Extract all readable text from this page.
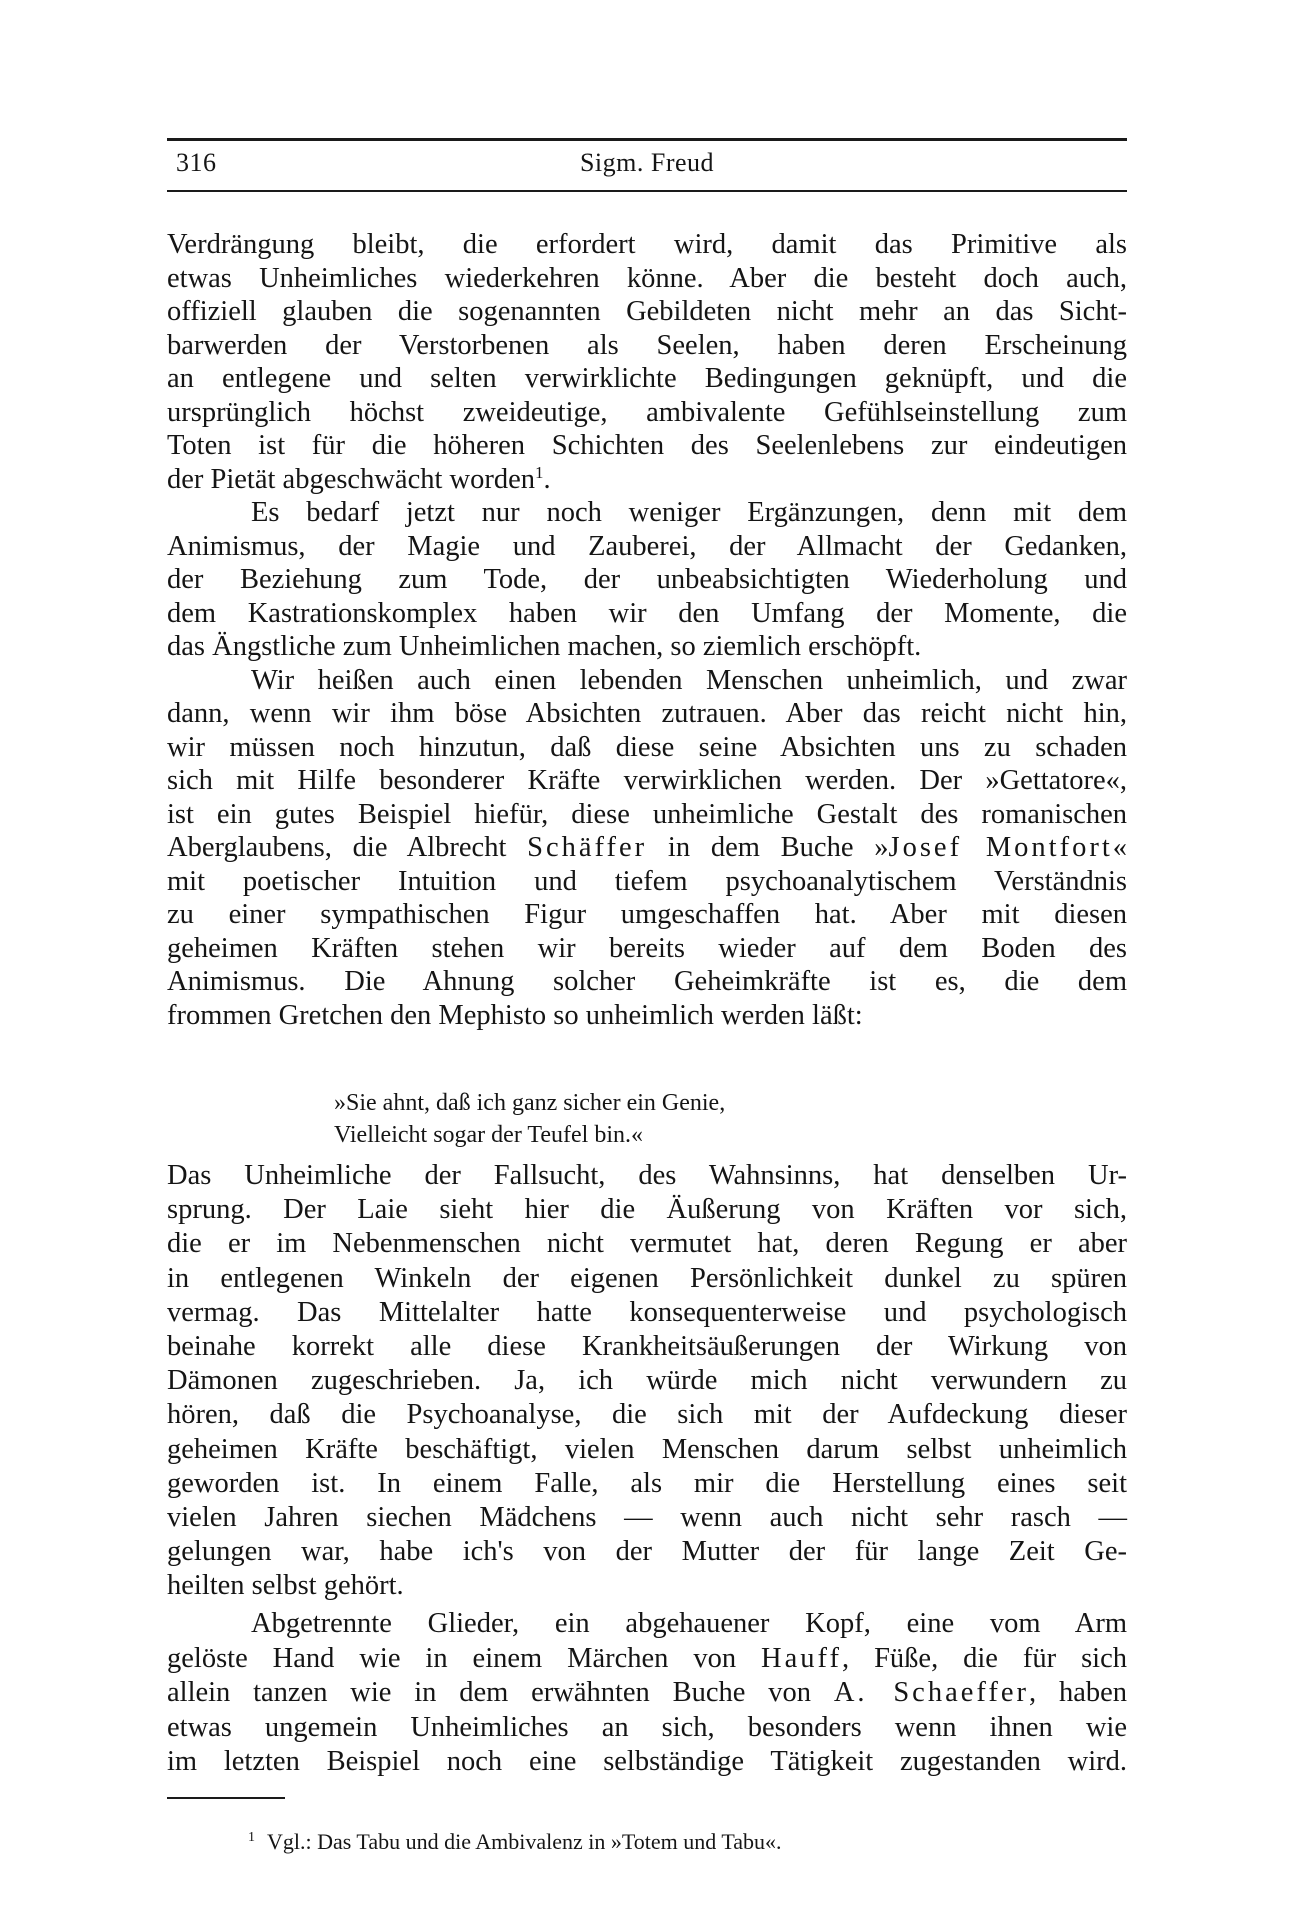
316	Sigm. Freud
Verdrängung bleibt, die erfordert wird, damit das Primitive als
etwas Unheimliches wiederkehren könne. Aber die besteht doch auch,
offiziell glauben die sogenannten Gebildeten nicht mehr an das Sicht-
barwerden der Verstorbenen als Seelen, haben deren Erscheinung
an entlegene und selten verwirklichte Bedingungen geknüpft, und die
ursprünglich höchst zweideutige, ambivalente Gefühlseinstellung zum
Toten ist für die höheren Schichten des Seelenlebens zur eindeutigen
der Pietät abgeschwächt worden$^1$.
Es bedarf jetzt nur noch weniger Ergänzungen, denn mit dem
Animismus, der Magie und Zauberei, der Allmacht der Gedanken,
der Beziehung zum Tode, der unbeabsichtigten Wiederholung und
dem Kastrationskomplex haben wir den Umfang der Momente, die
das Ängstliche zum Unheimlichen machen, so ziemlich erschöpft.
Wir heißen auch einen lebenden Menschen unheimlich, und zwar
dann, wenn wir ihm böse Absichten zutrauen. Aber das reicht nicht hin,
wir müssen noch hinzutun, daß diese seine Absichten uns zu schaden
sich mit Hilfe besonderer Kräfte verwirklichen werden. Der »Gettatore«,
ist ein gutes Beispiel hiefür, diese unheimliche Gestalt des romanischen
Aberglaubens, die Albrecht Schäffer in dem Buche »Josef Montfort«
mit poetischer Intuition und tiefem psychoanalytischem Verständnis
zu einer sympathischen Figur umgeschaffen hat. Aber mit diesen
geheimen Kräften stehen wir bereits wieder auf dem Boden des
Animismus. Die Ahnung solcher Geheimkräfte ist es, die dem
frommen Gretchen den Mephisto so unheimlich werden läßt:
»Sie ahnt, daß ich ganz sicher ein Genie,
Vielleicht sogar der Teufel bin.«
Das Unheimliche der Fallsucht, des Wahnsinns, hat denselben Ur-
sprung. Der Laie sieht hier die Äußerung von Kräften vor sich,
die er im Nebenmenschen nicht vermutet hat, deren Regung er aber
in entlegenen Winkeln der eigenen Persönlichkeit dunkel zu spüren
vermag. Das Mittelalter hatte konsequenterweise und psychologisch
beinahe korrekt alle diese Krankheitsäußerungen der Wirkung von
Dämonen zugeschrieben. Ja, ich würde mich nicht verwundern zu
hören, daß die Psychoanalyse, die sich mit der Aufdeckung dieser
geheimen Kräfte beschäftigt, vielen Menschen darum selbst unheimlich
geworden ist. In einem Falle, als mir die Herstellung eines seit
vielen Jahren siechen Mädchens — wenn auch nicht sehr rasch —
gelungen war, habe ich's von der Mutter der für lange Zeit Ge-
heilten selbst gehört.
Abgetrennte Glieder, ein abgehauener Kopf, eine vom Arm
gelöste Hand wie in einem Märchen von Hauff, Füße, die für sich
allein tanzen wie in dem erwähnten Buche von A. Schaeffer, haben
etwas ungemein Unheimliches an sich, besonders wenn ihnen wie
im letzten Beispiel noch eine selbständige Tätigkeit zugestanden wird.
$^1$ Vgl.: Das Tabu und die Ambivalenz in »Totem und Tabu«.
